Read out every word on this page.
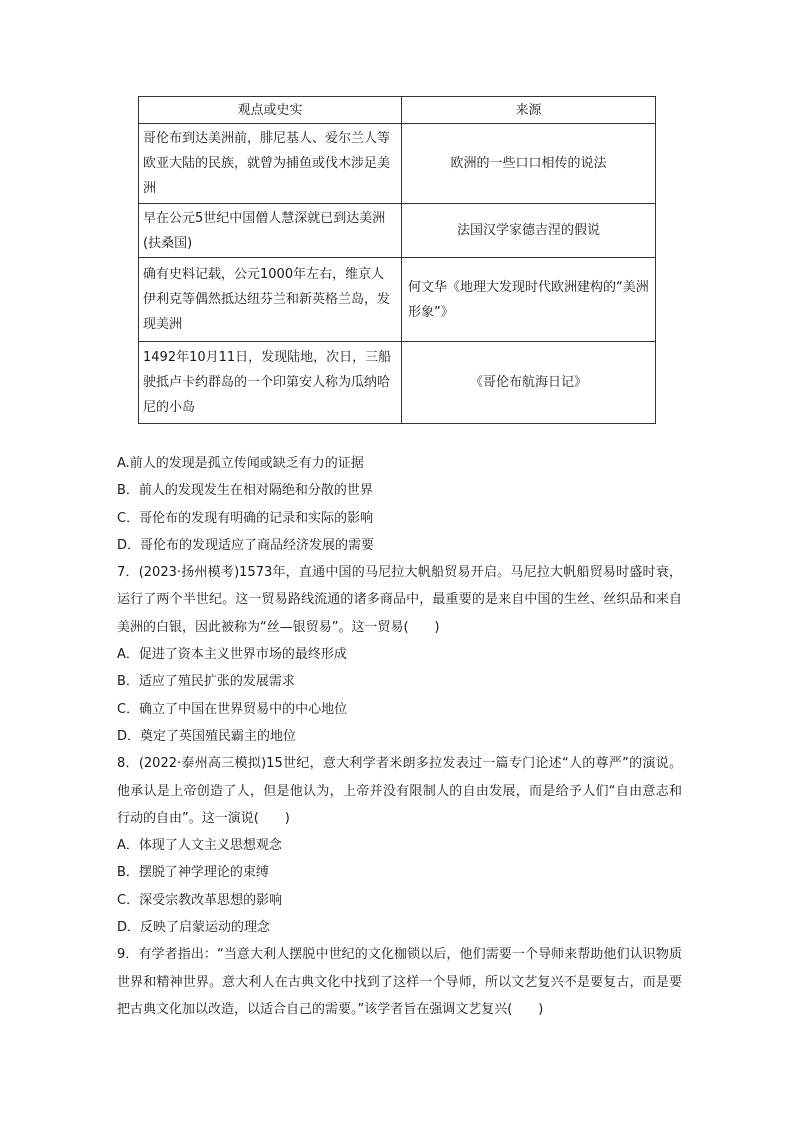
观点或史实	来源
哥伦布到达美洲前，腓尼基人、爱尔兰人等欧亚大陆的民族，就曾为捕鱼或伐木涉足美洲	欧洲的一些口口相传的说法
早在公元5世纪中国僧人慧深就已到达美洲(扶桑国)	法国汉学家德吉涅的假说
确有史料记载，公元1000年左右，维京人伊利克等偶然抵达纽芬兰和新英格兰岛，发现美洲	何文华《地理大发现时代欧洲建构的“美洲形象”》
1492年10月11日，发现陆地，次日，三船驶抵卢卡约群岛的一个印第安人称为瓜纳哈尼的小岛	《哥伦布航海日记》

A.前人的发现是孤立传闻或缺乏有力的证据

B．前人的发现发生在相对隔绝和分散的世界

C．哥伦布的发现有明确的记录和实际的影响

D．哥伦布的发现适应了商品经济发展的需要

7．(2023·扬州模考)1573年，直通中国的马尼拉大帆船贸易开启。马尼拉大帆船贸易时盛时衰，运行了两个半世纪。这一贸易路线流通的诸多商品中，最重要的是来自中国的生丝、丝织品和来自美洲的白银，因此被称为“丝—银贸易”。这一贸易(　　)

A．促进了资本主义世界市场的最终形成

B．适应了殖民扩张的发展需求

C．确立了中国在世界贸易中的中心地位

D．奠定了英国殖民霸主的地位

8．(2022·泰州高三模拟)15世纪，意大利学者米朗多拉发表过一篇专门论述“人的尊严”的演说。他承认是上帝创造了人，但是他认为，上帝并没有限制人的自由发展，而是给予人们“自由意志和行动的自由”。这一演说(　　)

A．体现了人文主义思想观念

B．摆脱了神学理论的束缚

C．深受宗教改革思想的影响

D．反映了启蒙运动的理念

9．有学者指出：“当意大利人摆脱中世纪的文化枷锁以后，他们需要一个导师来帮助他们认识物质世界和精神世界。意大利人在古典文化中找到了这样一个导师，所以文艺复兴不是要复古，而是要把古典文化加以改造，以适合自己的需要。”该学者旨在强调文艺复兴(　　)
